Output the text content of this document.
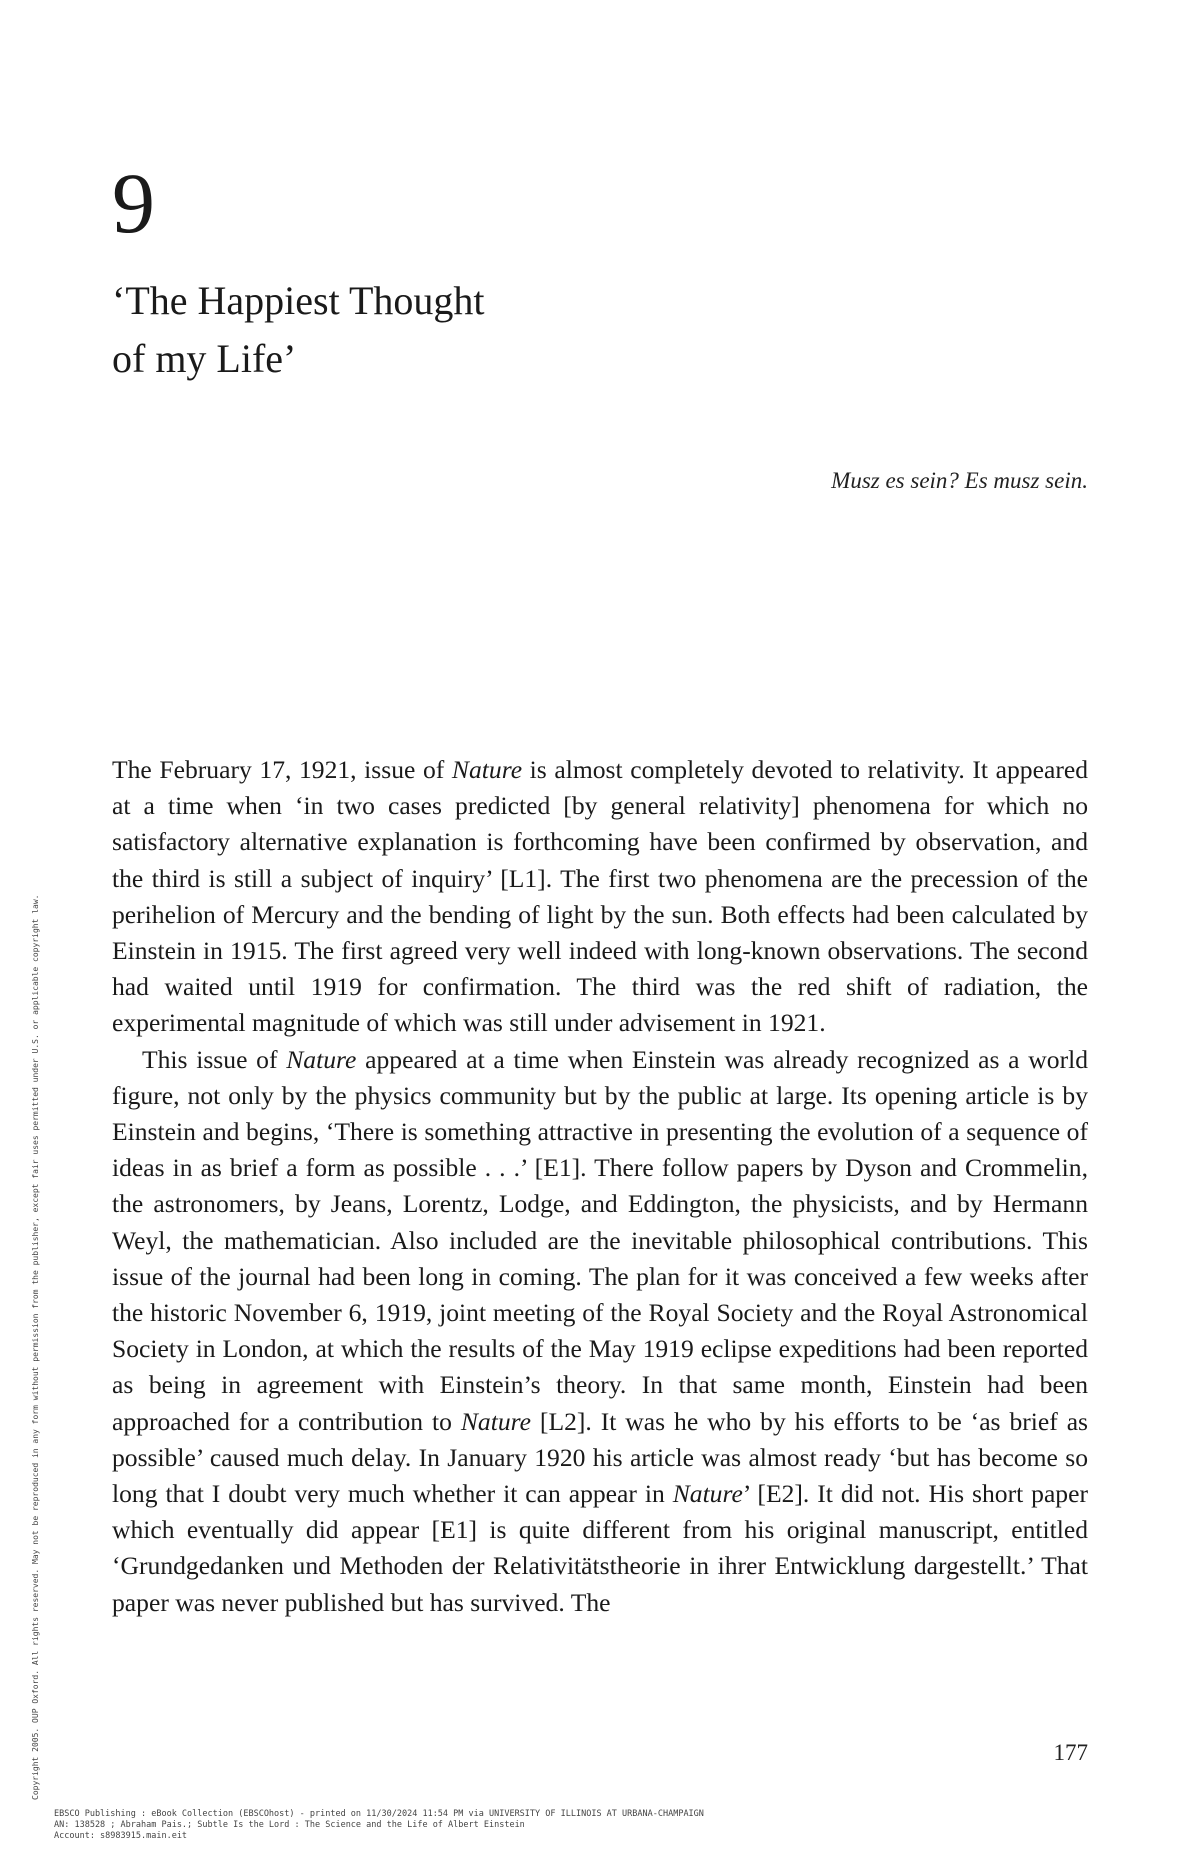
9
‘The Happiest Thought
of my Life’
Musz es sein? Es musz sein.

The February 17, 1921, issue of Nature is almost completely devoted to relativity. It appeared at a time when ‘in two cases predicted [by general relativity] phenomena for which no satisfactory alternative explanation is forthcoming have been confirmed by observation, and the third is still a subject of inquiry’ [L1]. The first two phenomena are the precession of the perihelion of Mercury and the bending of light by the sun. Both effects had been calculated by Einstein in 1915. The first agreed very well indeed with long-known observations. The second had waited until 1919 for confirmation. The third was the red shift of radiation, the experimental magnitude of which was still under advisement in 1921.

This issue of Nature appeared at a time when Einstein was already recognized as a world figure, not only by the physics community but by the public at large. Its opening article is by Einstein and begins, ‘There is something attractive in presenting the evolution of a sequence of ideas in as brief a form as possible . . .’ [E1]. There follow papers by Dyson and Crommelin, the astronomers, by Jeans, Lorentz, Lodge, and Eddington, the physicists, and by Hermann Weyl, the mathematician. Also included are the inevitable philosophical contributions. This issue of the journal had been long in coming. The plan for it was conceived a few weeks after the historic November 6, 1919, joint meeting of the Royal Society and the Royal Astronomical Society in London, at which the results of the May 1919 eclipse expeditions had been reported as being in agreement with Einstein’s theory. In that same month, Einstein had been approached for a contribution to Nature [L2]. It was he who by his efforts to be ‘as brief as possible’ caused much delay. In January 1920 his article was almost ready ‘but has become so long that I doubt very much whether it can appear in Nature’ [E2]. It did not. His short paper which eventually did appear [E1] is quite different from his original manuscript, entitled ‘Grundgedanken und Methoden der Relativitätstheorie in ihrer Entwicklung dargestellt.’ That paper was never published but has survived. The

177
Copyright 2005. OUP Oxford. All rights reserved. May not be reproduced in any form without permission from the publisher, except fair uses permitted under U.S. or applicable copyright law.
EBSCO Publishing : eBook Collection (EBSCOhost) - printed on 11/30/2024 11:54 PM via UNIVERSITY OF ILLINOIS AT URBANA-CHAMPAIGN
AN: 138528 ; Abraham Pais.; Subtle Is the Lord : The Science and the Life of Albert Einstein
Account: s8983915.main.eit
